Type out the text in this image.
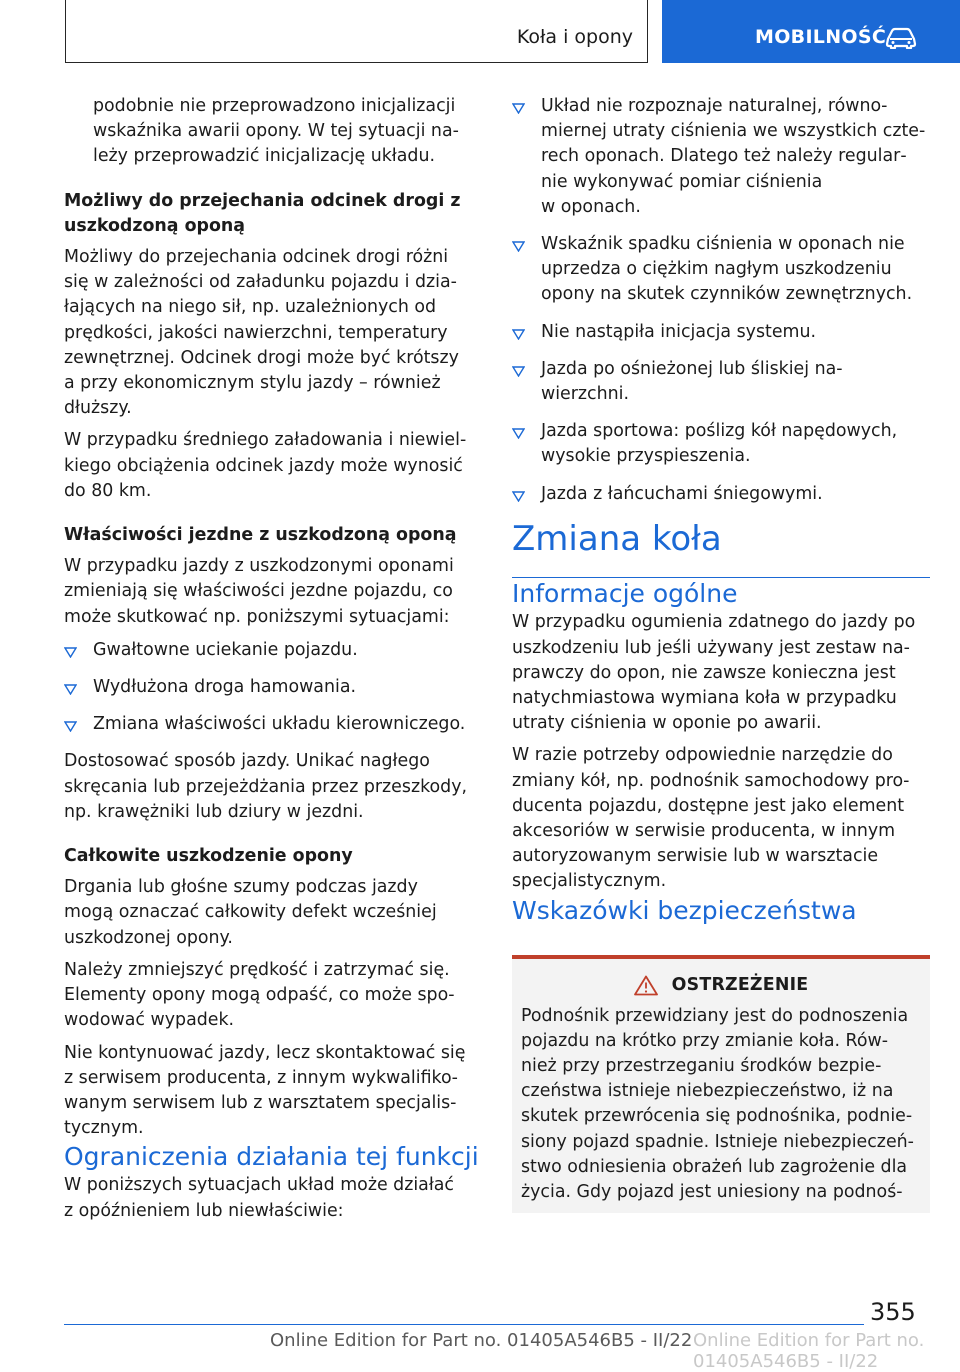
Koła i opony	MOBILNOŚĆ

podobnie nie przeprowadzono inicjalizacji
wskaźnika awarii opony. W tej sytuacji na‐
leży przeprowadzić inicjalizację układu.

Możliwy do przejechania odcinek drogi z
uszkodzoną oponą

Możliwy do przejechania odcinek drogi różni
się w zależności od załadunku pojazdu i dzia‐
łających na niego sił, np. uzależnionych od
prędkości, jakości nawierzchni, temperatury
zewnętrznej. Odcinek drogi może być krótszy
a przy ekonomicznym stylu jazdy – również
dłuższy.

W przypadku średniego załadowania i niewiel‐
kiego obciążenia odcinek jazdy może wynosić
do 80 km.

Właściwości jezdne z uszkodzoną oponą

W przypadku jazdy z uszkodzonymi oponami
zmieniają się właściwości jezdne pojazdu, co
może skutkować np. poniższymi sytuacjami:

Gwałtowne uciekanie pojazdu.
Wydłużona droga hamowania.
Zmiana właściwości układu kierowniczego.

Dostosować sposób jazdy. Unikać nagłego
skręcania lub przejeżdżania przez przeszkody,
np. krawężniki lub dziury w jezdni.

Całkowite uszkodzenie opony

Drgania lub głośne szumy podczas jazdy
mogą oznaczać całkowity defekt wcześniej
uszkodzonej opony.

Należy zmniejszyć prędkość i zatrzymać się.
Elementy opony mogą odpaść, co może spo‐
wodować wypadek.

Nie kontynuować jazdy, lecz skontaktować się
z serwisem producenta, z innym wykwalifiko‐
wanym serwisem lub z warsztatem specjalis‐
tycznym.

Ograniczenia działania tej funkcji

W poniższych sytuacjach układ może działać
z opóźnieniem lub niewłaściwie:

Układ nie rozpoznaje naturalnej, równo‐
miernej utraty ciśnienia we wszystkich czte‐
rech oponach. Dlatego też należy regular‐
nie wykonywać pomiar ciśnienia
w oponach.
Wskaźnik spadku ciśnienia w oponach nie
uprzedza o ciężkim nagłym uszkodzeniu
opony na skutek czynników zewnętrznych.
Nie nastąpiła inicjacja systemu.
Jazda po ośnieżonej lub śliskiej na‐
wierzchni.
Jazda sportowa: poślizg kół napędowych,
wysokie przyspieszenia.
Jazda z łańcuchami śniegowymi.
Zmiana koła
Informacje ogólne

W przypadku ogumienia zdatnego do jazdy po
uszkodzeniu lub jeśli używany jest zestaw na‐
prawczy do opon, nie zawsze konieczna jest
natychmiastowa wymiana koła w przypadku
utraty ciśnienia w oponie po awarii.

W razie potrzeby odpowiednie narzędzie do
zmiany kół, np. podnośnik samochodowy pro‐
ducenta pojazdu, dostępne jest jako element
akcesoriów w serwisie producenta, w innym
autoryzowanym serwisie lub w warsztacie
specjalistycznym.

Wskazówki bezpieczeństwa
OSTRZEŻENIE

Podnośnik przewidziany jest do podnoszenia
pojazdu na krótko przy zmianie koła. Rów‐
nież przy przestrzeganiu środków bezpie‐
czeństwa istnieje niebezpieczeństwo, iż na
skutek przewrócenia się podnośnika, podnie‐
siony pojazd spadnie. Istnieje niebezpieczeń‐
stwo odniesienia obrażeń lub zagrożenie dla
życia. Gdy pojazd jest uniesiony na podnoś‐

355
Online Edition for Part no. 01405A546B5 - II/22 Online Edition for Part no. 01405A546B5 - II/22
